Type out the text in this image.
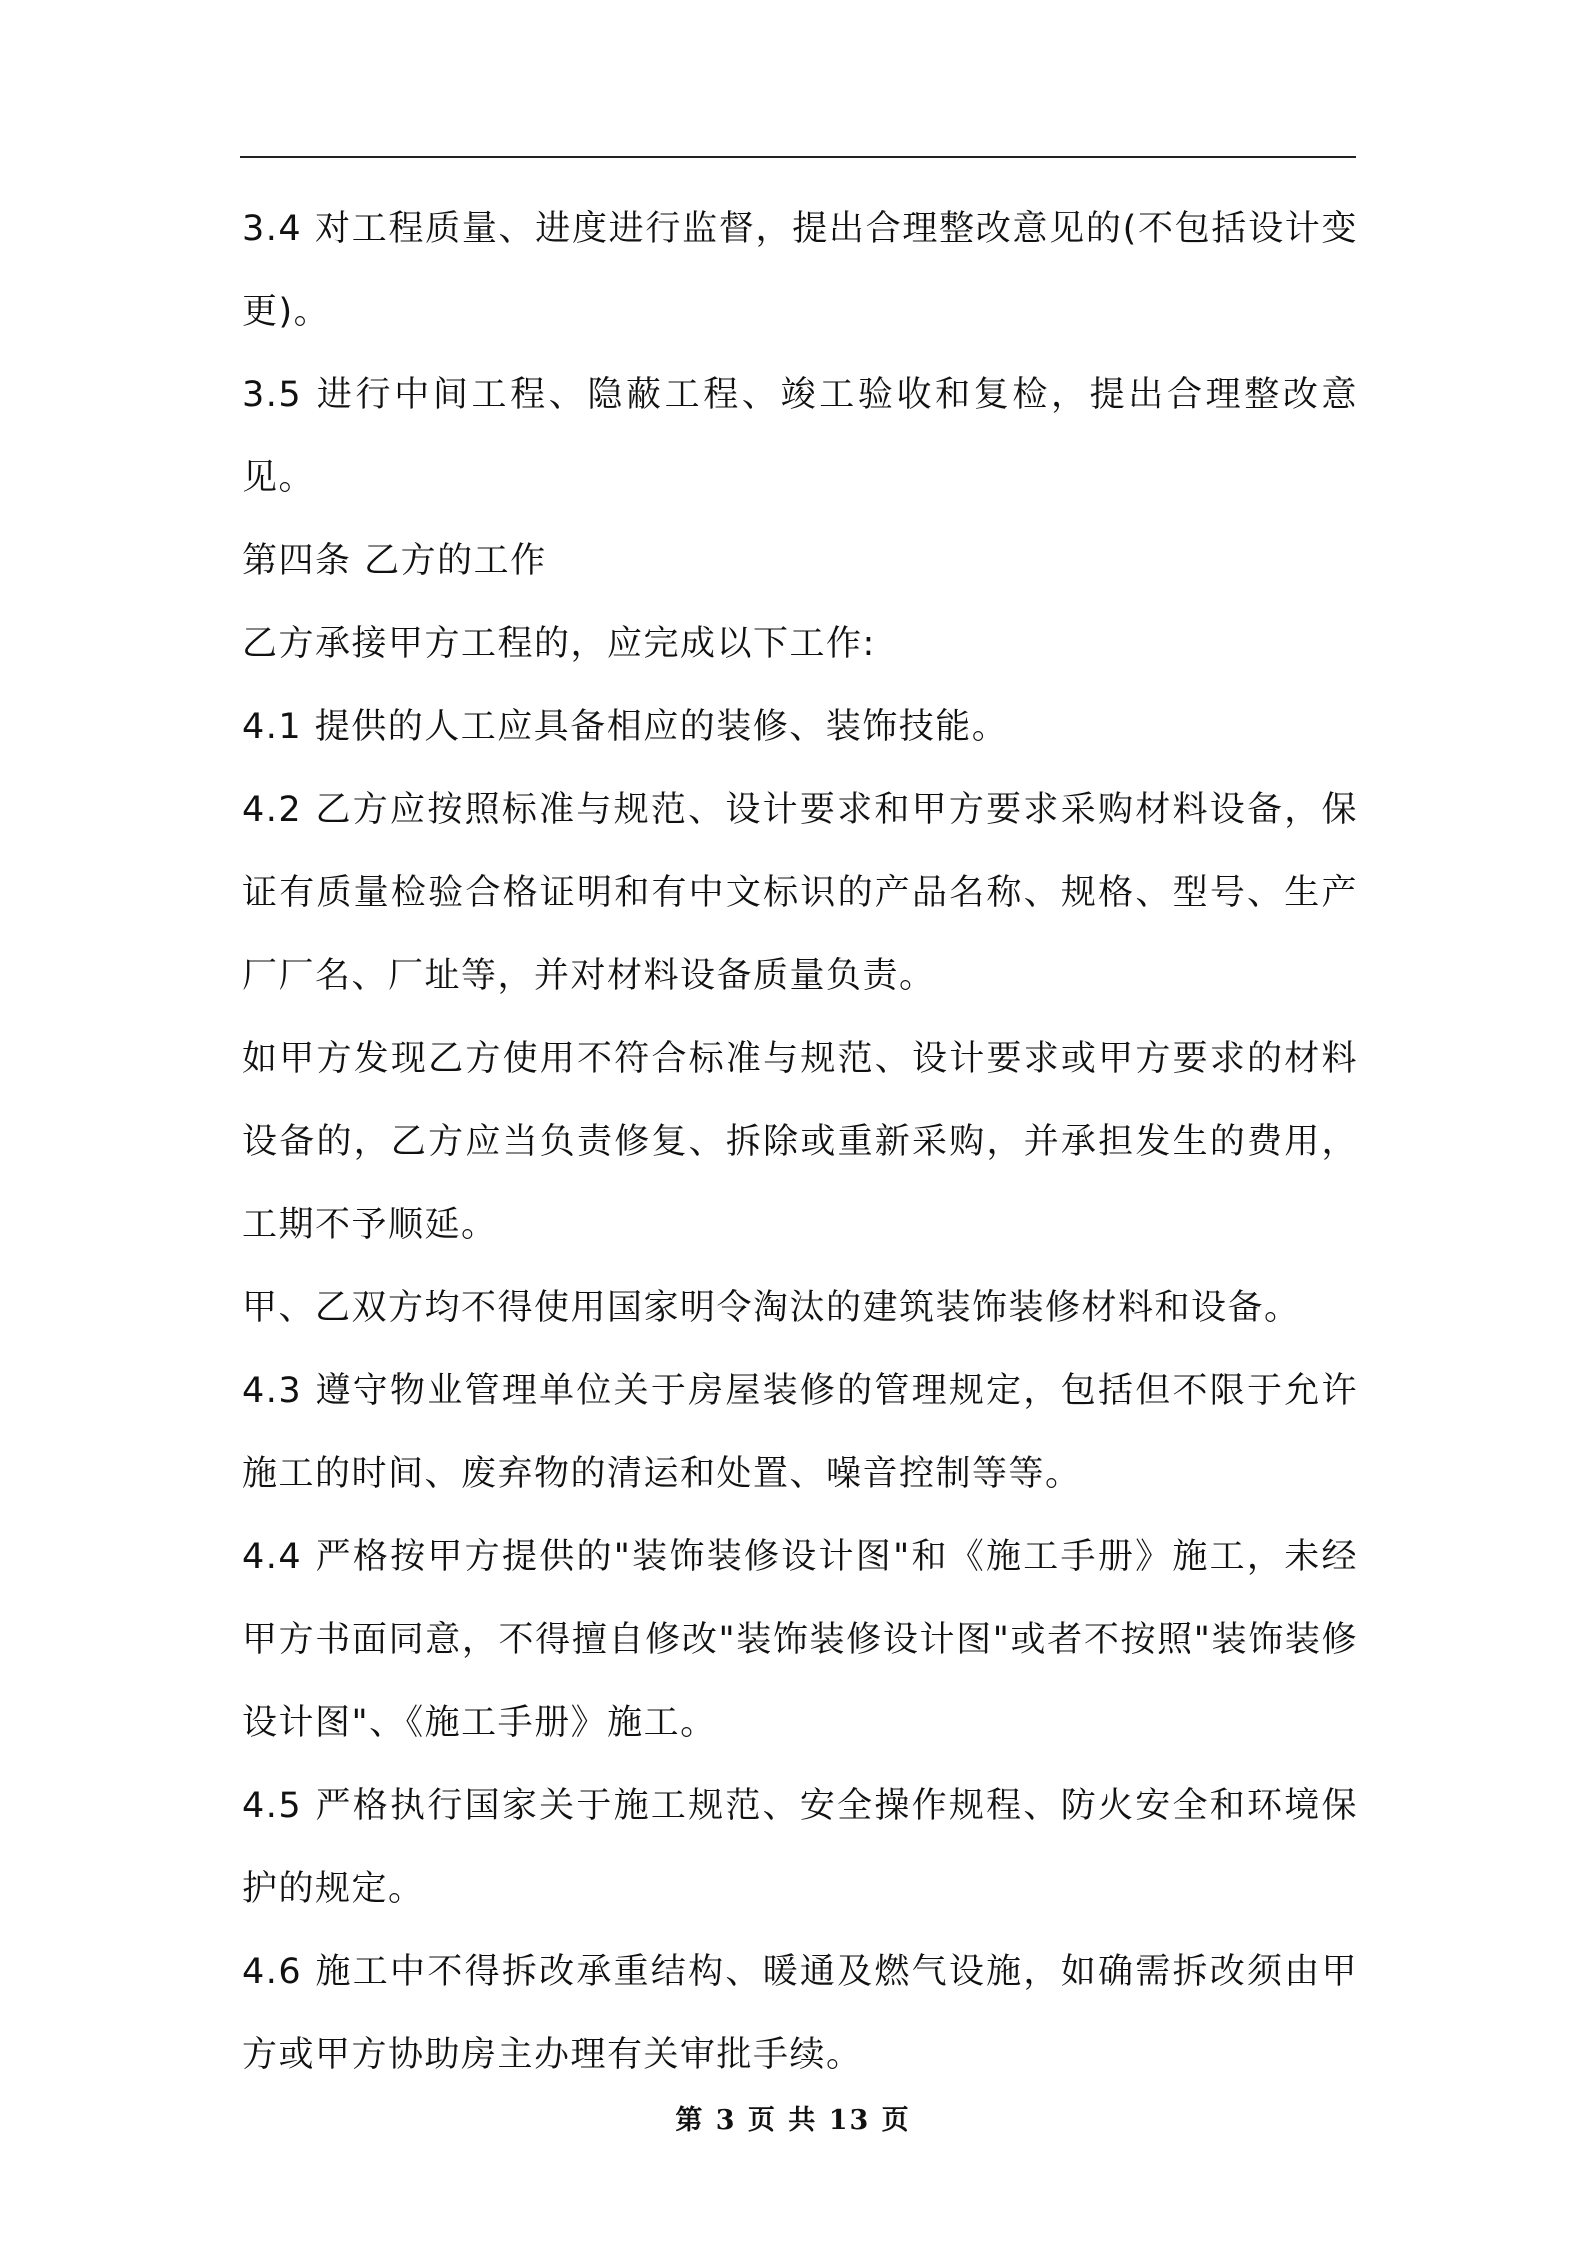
3.4 对工程质量、进度进行监督，提出合理整改意见的(不包括设计变更)。

3.5 进行中间工程、隐蔽工程、竣工验收和复检，提出合理整改意见。

第四条 乙方的工作

乙方承接甲方工程的，应完成以下工作:

4.1 提供的人工应具备相应的装修、装饰技能。

4.2 乙方应按照标准与规范、设计要求和甲方要求采购材料设备，保证有质量检验合格证明和有中文标识的产品名称、规格、型号、生产厂厂名、厂址等，并对材料设备质量负责。

如甲方发现乙方使用不符合标准与规范、设计要求或甲方要求的材料设备的，乙方应当负责修复、拆除或重新采购，并承担发生的费用，工期不予顺延。

甲、乙双方均不得使用国家明令淘汰的建筑装饰装修材料和设备。

4.3 遵守物业管理单位关于房屋装修的管理规定，包括但不限于允许施工的时间、废弃物的清运和处置、噪音控制等等。

4.4 严格按甲方提供的"装饰装修设计图"和《施工手册》施工，未经甲方书面同意，不得擅自修改"装饰装修设计图"或者不按照"装饰装修设计图"、《施工手册》施工。

4.5 严格执行国家关于施工规范、安全操作规程、防火安全和环境保护的规定。

4.6 施工中不得拆改承重结构、暖通及燃气设施，如确需拆改须由甲方或甲方协助房主办理有关审批手续。

第 3 页 共 13 页
